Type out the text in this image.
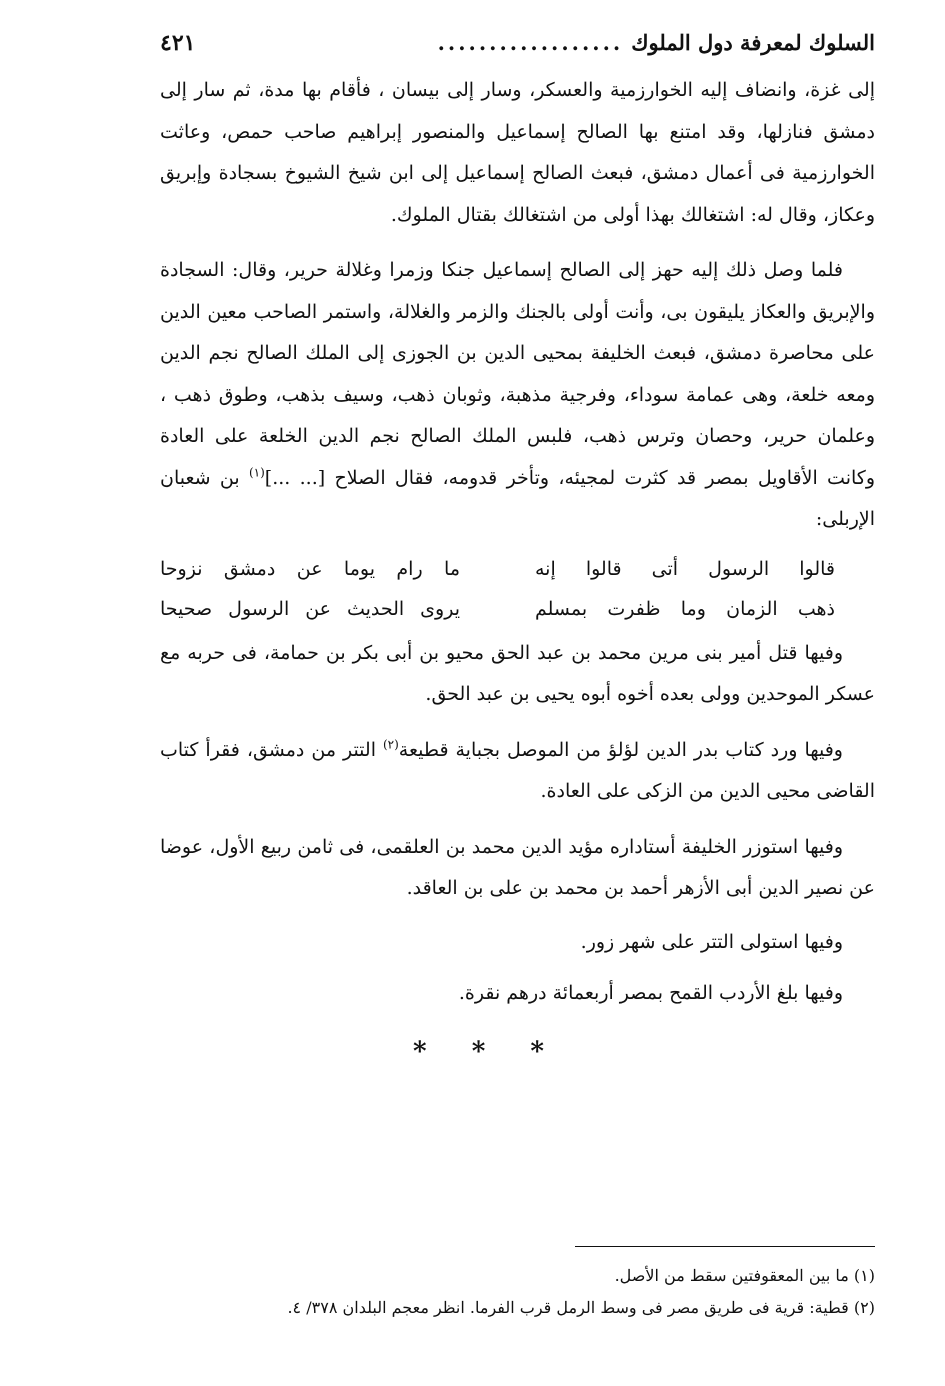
السلوك لمعرفة دول الملوك
..................
٤٢١

إلى غزة، وانضاف إليه الخوارزمية والعسكر، وسار إلى بيسان ، فأقام بها مدة، ثم سار إلى دمشق فنازلها، وقد امتنع بها الصالح إسماعيل والمنصور إبراهيم صاحب حمص، وعاثت الخوارزمية فى أعمال دمشق، فبعث الصالح إسماعيل إلى ابن شيخ الشيوخ بسجادة وإبريق وعكاز، وقال له: اشتغالك بهذا أولى من اشتغالك بقتال الملوك.

فلما وصل ذلك إليه حهز إلى الصالح إسماعيل جنكا وزمرا وغلالة حرير، وقال: السجادة والإبريق والعكاز يليقون بى، وأنت أولى بالجنك والزمر والغلالة، واستمر الصاحب معين الدين على محاصرة دمشق، فبعث الخليفة بمحيى الدين بن الجوزى إلى الملك الصالح نجم الدين ومعه خلعة، وهى عمامة سوداء، وفرجية مذهبة، وثوبان ذهب، وسيف بذهب، وطوق ذهب ، وعلمان حرير، وحصان وترس ذهب، فلبس الملك الصالح نجم الدين الخلعة على العادة وكانت الأقاويل بمصر قد كثرت لمجيئه، وتأخر قدومه، فقال الصلاح [... ...]$^{(١)}$ بن شعبان الإربلى:

قالوا الرسول أتى قالوا إنه
ما رام يوما عن دمشق نزوحا
ذهب الزمان وما ظفرت بمسلم
يروى الحديث عن الرسول صحيحا

وفيها قتل أمير بنى مرين محمد بن عبد الحق محيو بن أبى بكر بن حمامة، فى حربه مع عسكر الموحدين وولى بعده أخوه أبوه يحيى بن عبد الحق.

وفيها ورد كتاب بدر الدين لؤلؤ من الموصل بجباية قطيعة$^{(٢)}$ التتر من دمشق، فقرأ كتاب القاضى محيى الدين من الزكى على العادة.

وفيها استوزر الخليفة أستاداره مؤيد الدين محمد بن العلقمى، فى ثامن ربيع الأول، عوضا عن نصير الدين أبى الأزهر أحمد بن محمد بن على بن العاقد.

وفيها استولى التتر على شهر زور.

وفيها بلغ الأردب القمح بمصر أربعمائة درهم نقرة.

* * *

(١) ما بين المعقوفتين سقط من الأصل.

(٢) قطية: قرية فى طريق مصر فى وسط الرمل قرب الفرما. انظر معجم البلدان ٣٧٨/ ٤.
